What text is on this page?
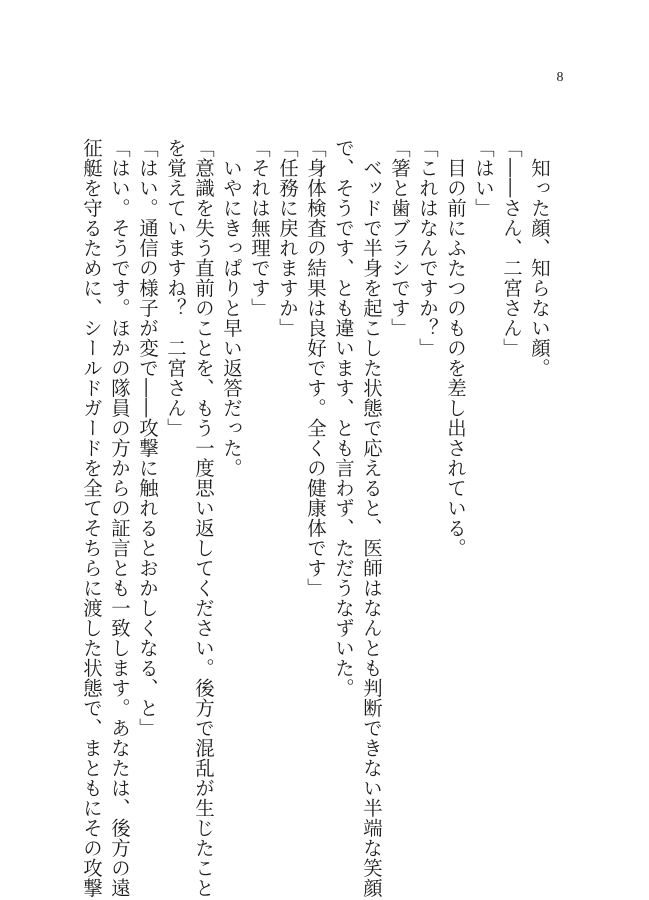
8
　知った顔、知らない顔。
「――さん、二宮さん」
「はい」
　目の前にふたつのものを差し出されている。
「これはなんですか？」
「箸と歯ブラシです」
　ベッドで半身を起こした状態で応えると、医師はなんとも判断できない半端な笑顔
で、そうです、とも違います、とも言わず、ただうなずいた。
「身体検査の結果は良好です。全くの健康体です」
「任務に戻れますか」
「それは無理です」
　いやにきっぱりと早い返答だった。
「意識を失う直前のことを、もう一度思い返してください。後方で混乱が生じたこと
を覚えていますね？　二宮さん」
「はい。通信の様子が変で――攻撃に触れるとおかしくなる、と」
「はい。そうです。ほかの隊員の方からの証言とも一致します。あなたは、後方の遠
征艇を守るために、シールドガードを全てそちらに渡した状態で、まともにその攻撃
